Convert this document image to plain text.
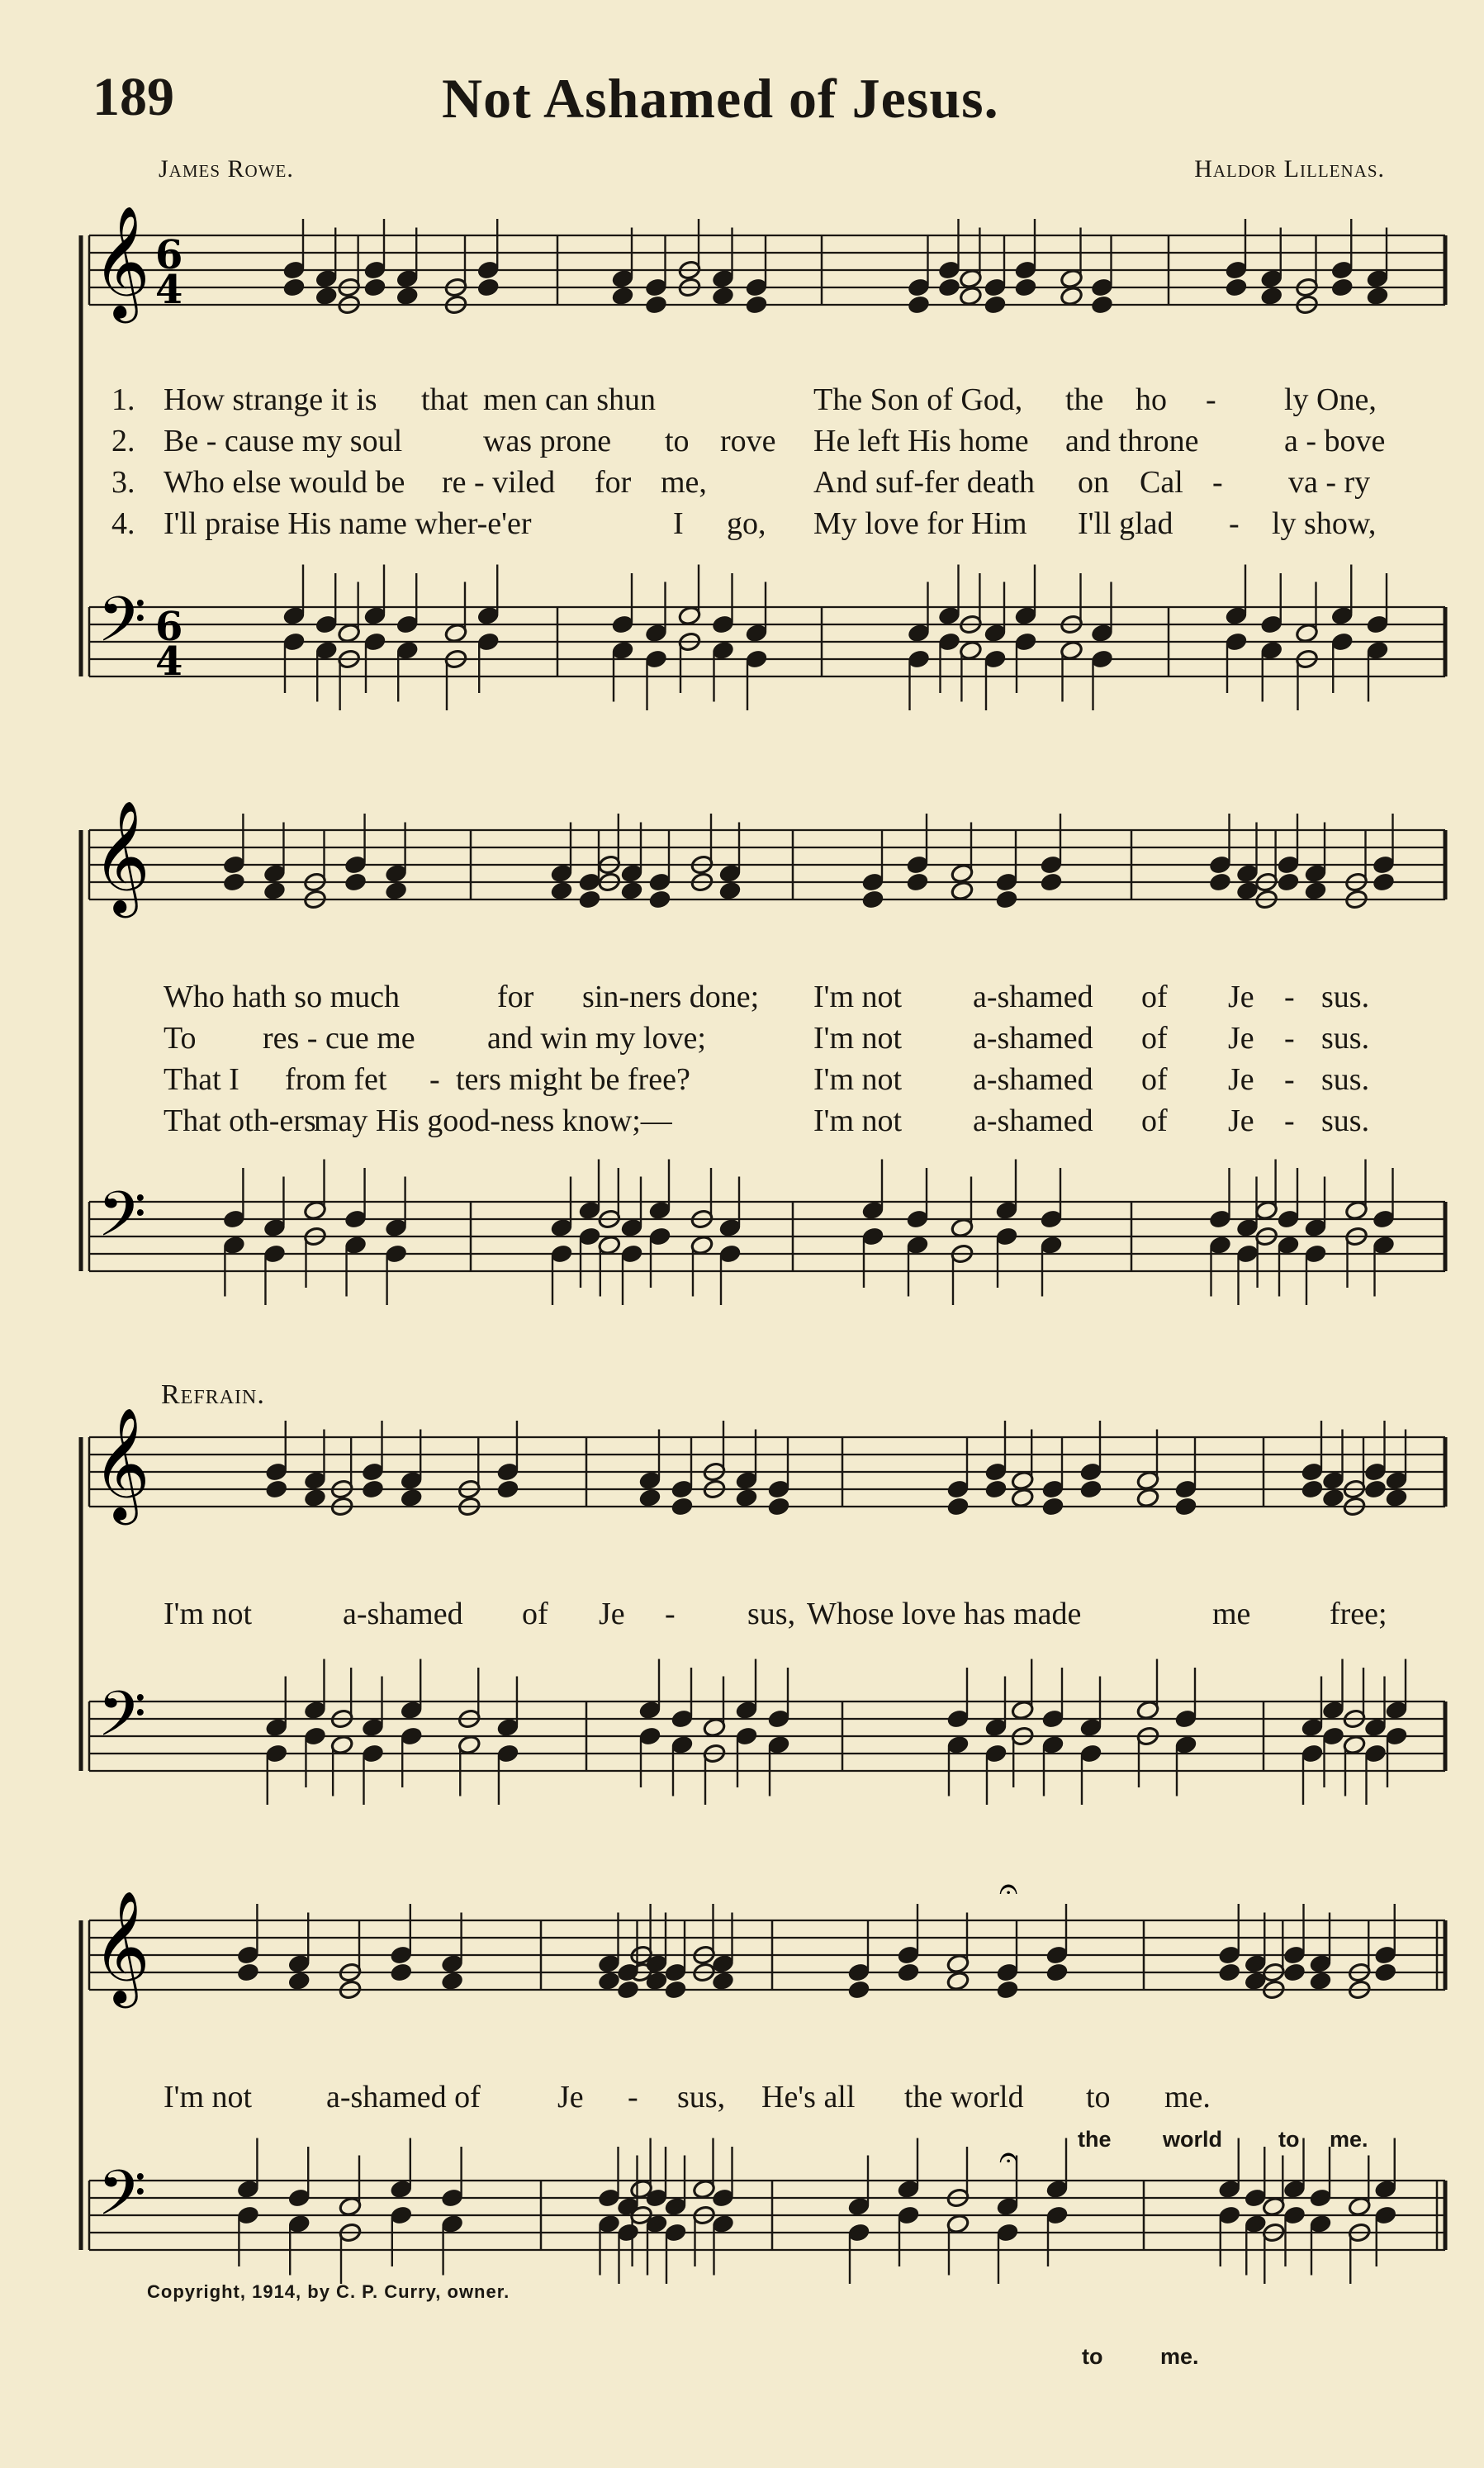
189	Not Ashamed of Jesus.
James Rowe.	Haldor Lillenas.
𝄞
𝄢
6
4
6
4
𝄞
𝄢
𝄞
𝄢
𝄞
𝄢
𝄐
𝄐
1. How strange it is that men can shun	The Son of God, the ho - ly One,
2. Be - cause my soul	was prone to rove He left His home and throne	a - bove
3. Who else would be re - viled for me,	And suf-fer death on Cal - va - ry
4. I'll praise His name wher-e'er	I go, My love for Him I'll glad - ly show,
Who hath so much	for sin-ners done; I'm not a-shamed of Je - sus.
To res - cue me and win my love;	I'm not a-shamed of Je - sus.
That I from fet - ters might be free?	I'm not a-shamed of Je - sus.
That oth-ers
may His good-ness know;—	I'm not a-shamed of Je - sus.
Refrain.
I'm not	a-shamed of Je - sus, Whose love has made	me	free;
I'm not a-shamed of Je - sus, He's all the world to me.
the world	to me.
to	me.
Copyright, 1914, by C. P. Curry, owner.
